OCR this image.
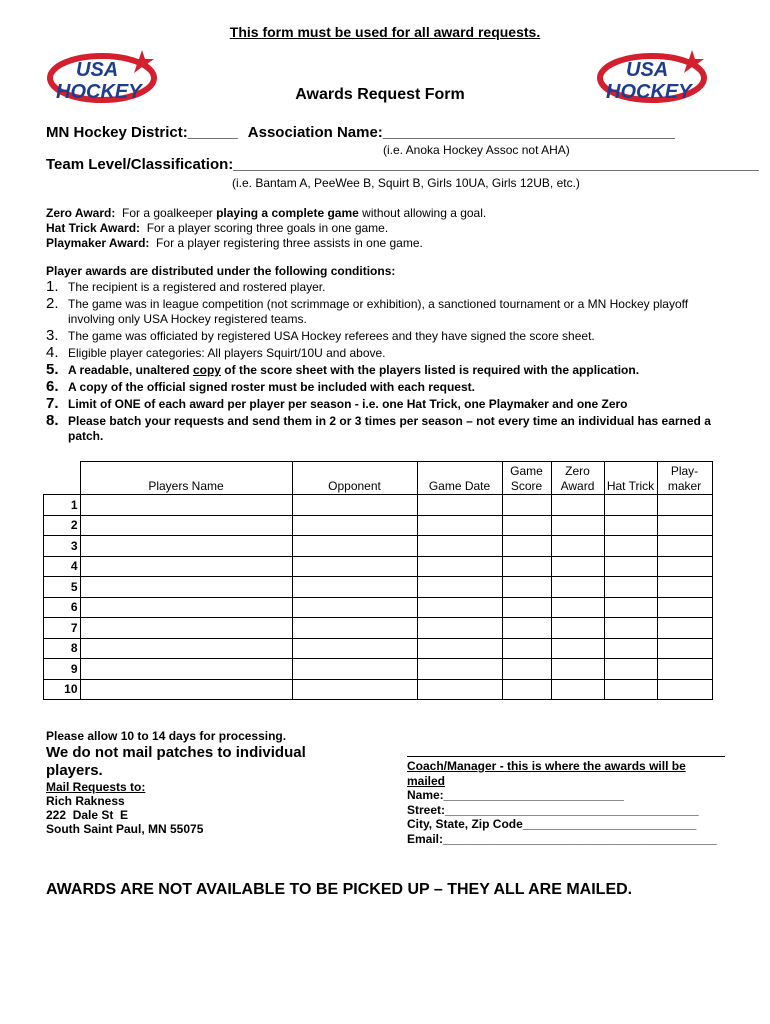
This form must be used for all award requests.
USA
HOCKEY
USA
HOCKEY
Awards Request Form
MN Hockey District:______ Association Name:___________________________________
(i.e. Anoka Hockey Assoc not AHA)
Team Level/Classification:_______________________________________________________________
(i.e. Bantam A, PeeWee B, Squirt B, Girls 10UA, Girls 12UB, etc.)
Zero Award:  For a goalkeeper playing a complete game without allowing a goal.
Hat Trick Award:  For a player scoring three goals in one game.
Playmaker Award:  For a player registering three assists in one game.
Player awards are distributed under the following conditions:
1. The recipient is a registered and rostered player.
2. The game was in league competition (not scrimmage or exhibition), a sanctioned tournament or a MN Hockey playoff involving only USA Hockey registered teams.
3. The game was officiated by registered USA Hockey referees and they have signed the score sheet.
4. Eligible player categories: All players Squirt/10U and above.
5. A readable, unaltered copy of the score sheet with the players listed is required with the application.
6. A copy of the official signed roster must be included with each request.
7. Limit of ONE of each award per player per season - i.e. one Hat Trick, one Playmaker and one Zero
8. Please batch your requests and send them in 2 or 3 times per season – not every time an individual has earned a patch.
	Players Name	Opponent	Game Date	Game Score	Zero Award	Hat Trick	Play-maker
1							
2							
3							
4							
5							
6							
7							
8							
9							
10							
Please allow 10 to 14 days for processing.
We do not mail patches to individual players.
Mail Requests to:
Rich Rakness
222  Dale St  E
South Saint Paul, MN 55075
Coach/Manager - this is where the awards will be mailed
Name:___________________________
Street:______________________________________
City, State, Zip Code__________________________
Email:_________________________________________
AWARDS ARE NOT AVAILABLE TO BE PICKED UP – THEY ALL ARE MAILED.
